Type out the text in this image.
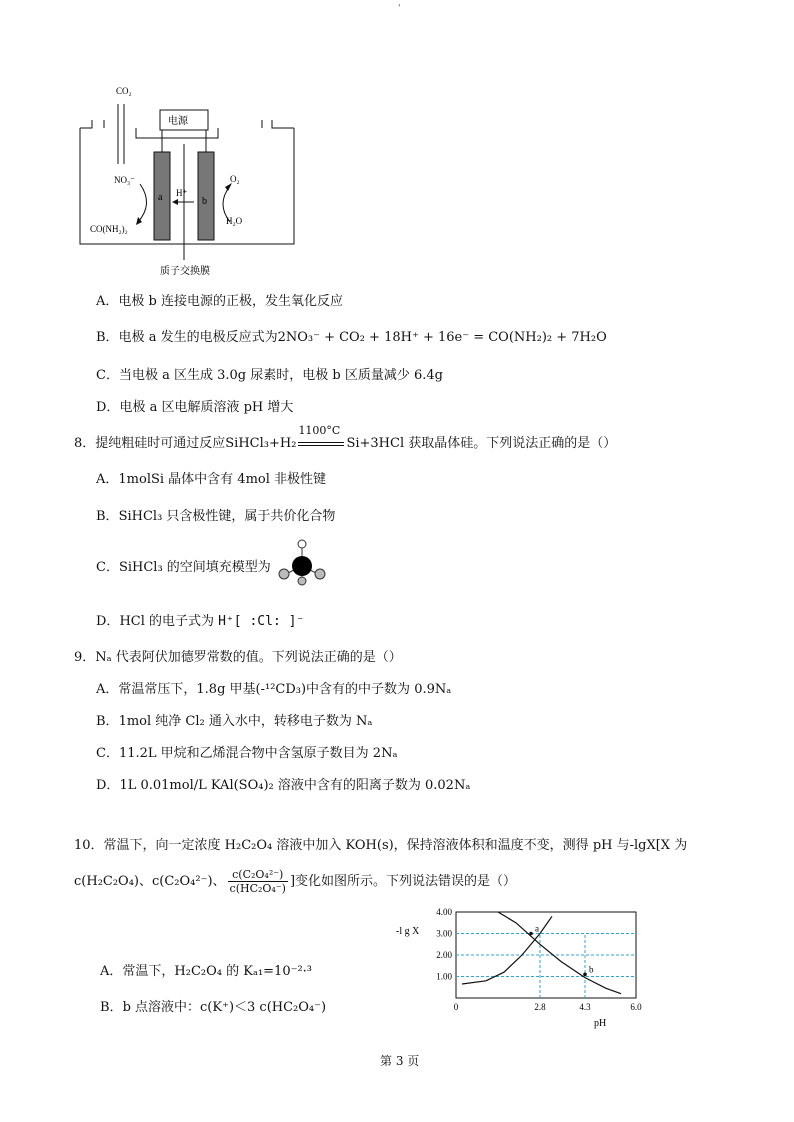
'
CO₂
电源
NO₃⁻
a	b
H⁺
O₂
H₂O
CO(NH₂)₂
质子交换膜
A．电极 b 连接电源的正极，发生氧化反应
B．电极 a 发生的电极反应式为2NO₃⁻ + CO₂ + 18H⁺ + 16e⁻ = CO(NH₂)₂ + 7H₂O
C．当电极 a 区生成 3.0g 尿素时，电极 b 区质量减少 6.4g
D．电极 a 区电解质溶液 pH 增大
8．提纯粗硅时可通过反应SiHCl₃+H₂
1100°C
Si+3HCl 获取晶体硅。下列说法正确的是（）
A．1molSi 晶体中含有 4mol 非极性键
B．SiHCl₃ 只含极性键，属于共价化合物
C．SiHCl₃ 的空间填充模型为
D．HCl 的电子式为 H⁺[ :Cl: ]⁻
9．Nₐ 代表阿伏加德罗常数的值。下列说法正确的是（）
A．常温常压下，1.8g 甲基(-¹²CD₃)中含有的中子数为 0.9Nₐ
B．1mol 纯净 Cl₂ 通入水中，转移电子数为 Nₐ
C．11.2L 甲烷和乙烯混合物中含氢原子数目为 2Nₐ
D．1L 0.01mol/L KAl(SO₄)₂ 溶液中含有的阳离子数为 0.02Nₐ
10．常温下，向一定浓度 H₂C₂O₄ 溶液中加入 KOH(s)，保持溶液体积和温度不变，测得 pH 与-lgX[X 为
c(H₂C₂O₄)、c(C₂O₄²⁻)、 $\frac{\text{c(C₂O₄²⁻)}}{\text{c(HC₂O₄⁻)}}$ ]变化如图所示。下列说法错误的是（）
A．常温下，H₂C₂O₄ 的 Kₐ₁=10⁻²·³
B．b 点溶液中：c(K⁺)＜3 c(HC₂O₄⁻)
1.00
2.00
3.00
4.00
0	2.8	4.3	6.0
a
b
-l g X
pH
第 3 页
